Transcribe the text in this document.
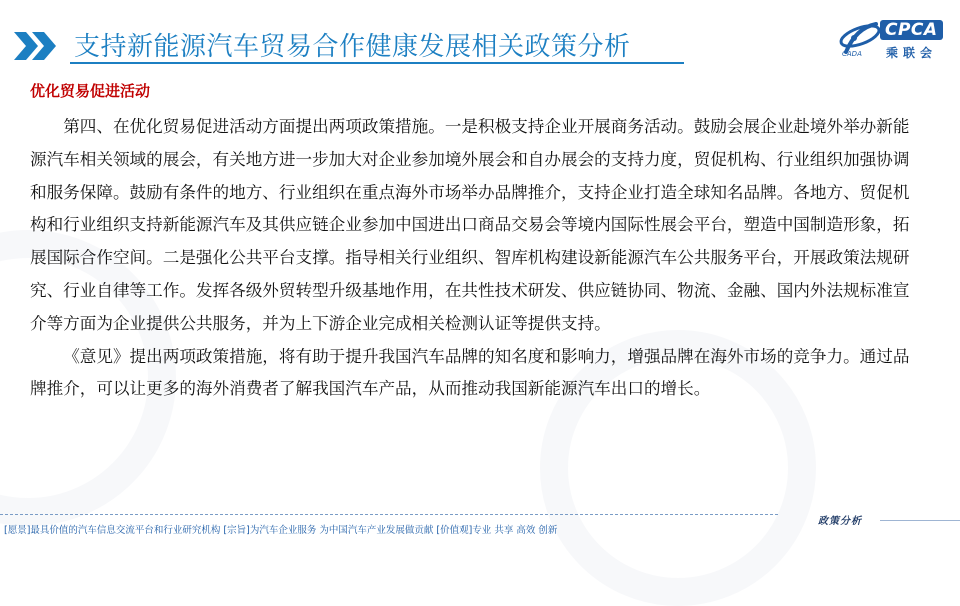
支持新能源汽车贸易合作健康发展相关政策分析
CPCA
乘联会
CADA
优化贸易促进活动

第四、在优化贸易促进活动方面提出两项政策措施。一是积极支持企业开展商务活动。鼓励会展企业赴境外举办新能源汽车相关领域的展会，有关地方进一步加大对企业参加境外展会和自办展会的支持力度，贸促机构、行业组织加强协调和服务保障。鼓励有条件的地方、行业组织在重点海外市场举办品牌推介，支持企业打造全球知名品牌。各地方、贸促机构和行业组织支持新能源汽车及其供应链企业参加中国进出口商品交易会等境内国际性展会平台，塑造中国制造形象，拓展国际合作空间。二是强化公共平台支撑。指导相关行业组织、智库机构建设新能源汽车公共服务平台，开展政策法规研究、行业自律等工作。发挥各级外贸转型升级基地作用，在共性技术研发、供应链协同、物流、金融、国内外法规标准宣介等方面为企业提供公共服务，并为上下游企业完成相关检测认证等提供支持。

《意见》提出两项政策措施，将有助于提升我国汽车品牌的知名度和影响力，增强品牌在海外市场的竞争力。通过品牌推介，可以让更多的海外消费者了解我国汽车产品，从而推动我国新能源汽车出口的增长。

[愿景]最具价值的汽车信息交流平台和行业研究机构 [宗旨]为汽车企业服务 为中国汽车产业发展做贡献 [价值观]专业 共享 高效 创新
政策分析
